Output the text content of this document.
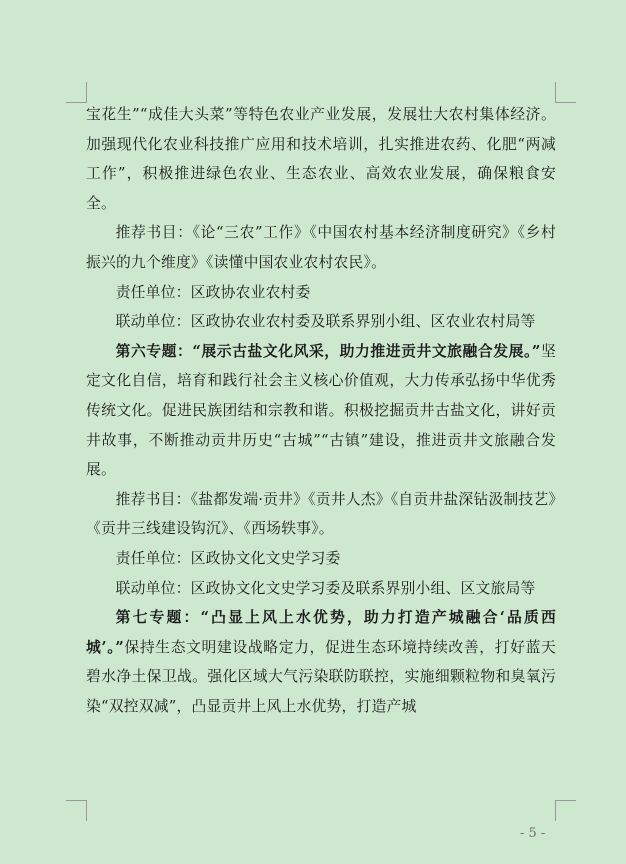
宝花生”“成佳大头菜”等特色农业产业发展，发展壮大农村集体经济。加强现代化农业科技推广应用和技术培训，扎实推进农药、化肥“两减工作”，积极推进绿色农业、生态农业、高效农业发展，确保粮食安全。

推荐书目：《论“三农”工作》《中国农村基本经济制度研究》《乡村振兴的九个维度》《读懂中国农业农村农民》。

责任单位：区政协农业农村委

联动单位：区政协农业农村委及联系界别小组、区农业农村局等

第六专题：“展示古盐文化风采，助力推进贡井文旅融合发展。”坚定文化自信，培育和践行社会主义核心价值观，大力传承弘扬中华优秀传统文化。促进民族团结和宗教和谐。积极挖掘贡井古盐文化，讲好贡井故事，不断推动贡井历史“古城”“古镇”建设，推进贡井文旅融合发展。

推荐书目：《盐都发端·贡井》《贡井人杰》《自贡井盐深钻汲制技艺》《贡井三线建设钩沉》、《西场轶事》。

责任单位：区政协文化文史学习委

联动单位：区政协文化文史学习委及联系界别小组、区文旅局等

第七专题：“凸显上风上水优势，助力打造产城融合‘品质西城’。”保持生态文明建设战略定力，促进生态环境持续改善，打好蓝天碧水净土保卫战。强化区域大气污染联防联控，实施细颗粒物和臭氧污染“双控双减”，凸显贡井上风上水优势，打造产城

- 5 -
